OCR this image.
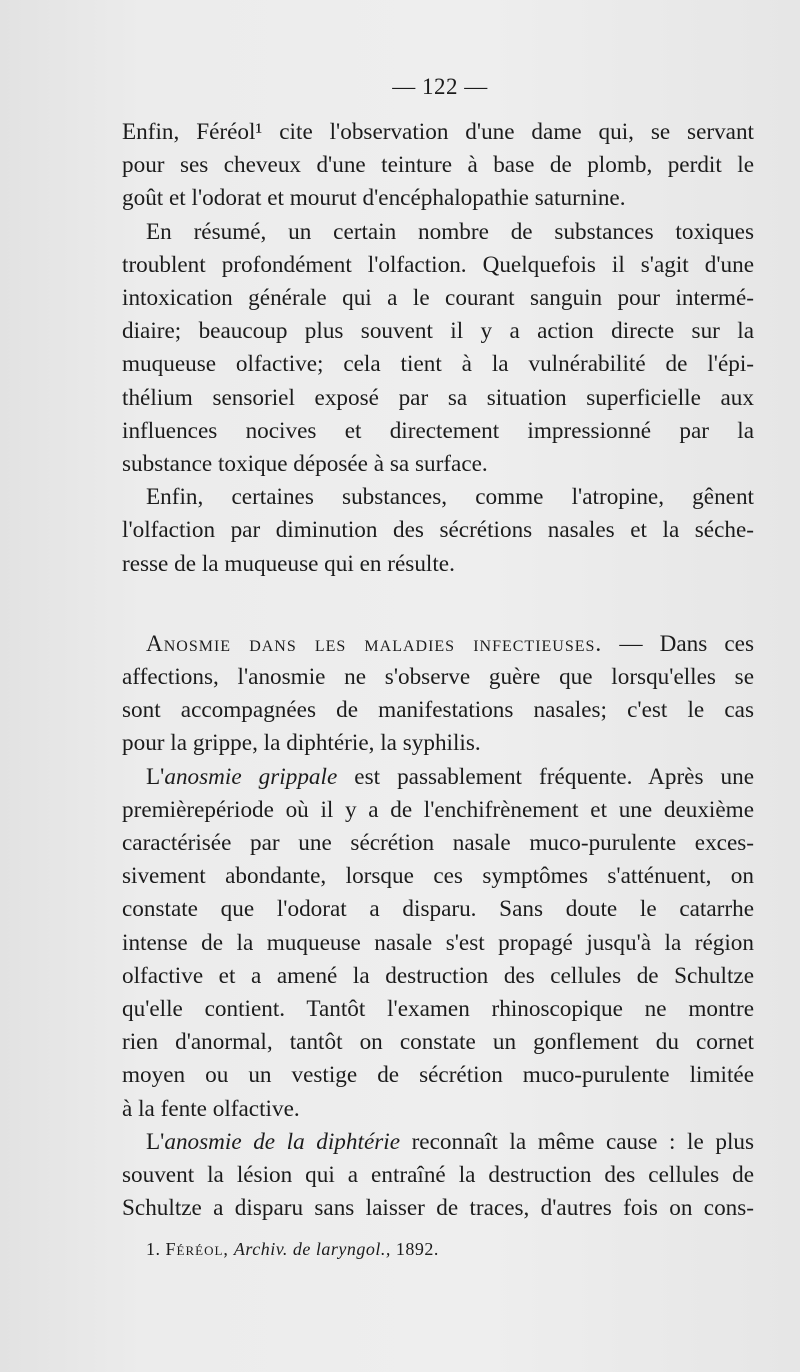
— 122 —

Enfin, Féréol¹ cite l'observation d'une dame qui, se servant
pour ses cheveux d'une teinture à base de plomb, perdit le
goût et l'odorat et mourut d'encéphalopathie saturnine.

En résumé, un certain nombre de substances toxiques
troublent profondément l'olfaction. Quelquefois il s'agit d'une
intoxication générale qui a le courant sanguin pour intermé-
diaire; beaucoup plus souvent il y a action directe sur la
muqueuse olfactive; cela tient à la vulnérabilité de l'épi-
thélium sensoriel exposé par sa situation superficielle aux
influences nocives et directement impressionné par la
substance toxique déposée à sa surface.

Enfin, certaines substances, comme l'atropine, gênent
l'olfaction par diminution des sécrétions nasales et la séche-
resse de la muqueuse qui en résulte.

Anosmie dans les maladies infectieuses. — Dans ces
affections, l'anosmie ne s'observe guère que lorsqu'elles se
sont accompagnées de manifestations nasales; c'est le cas
pour la grippe, la diphtérie, la syphilis.

L'anosmie grippale est passablement fréquente. Après une
premièrepériode où il y a de l'enchifrènement et une deuxième
caractérisée par une sécrétion nasale muco-purulente exces-
sivement abondante, lorsque ces symptômes s'atténuent, on
constate que l'odorat a disparu. Sans doute le catarrhe
intense de la muqueuse nasale s'est propagé jusqu'à la région
olfactive et a amené la destruction des cellules de Schultze
qu'elle contient. Tantôt l'examen rhinoscopique ne montre
rien d'anormal, tantôt on constate un gonflement du cornet
moyen ou un vestige de sécrétion muco-purulente limitée
à la fente olfactive.

L'anosmie de la diphtérie reconnaît la même cause : le plus
souvent la lésion qui a entraîné la destruction des cellules de
Schultze a disparu sans laisser de traces, d'autres fois on cons-

1. Féréol, Archiv. de laryngol., 1892.
